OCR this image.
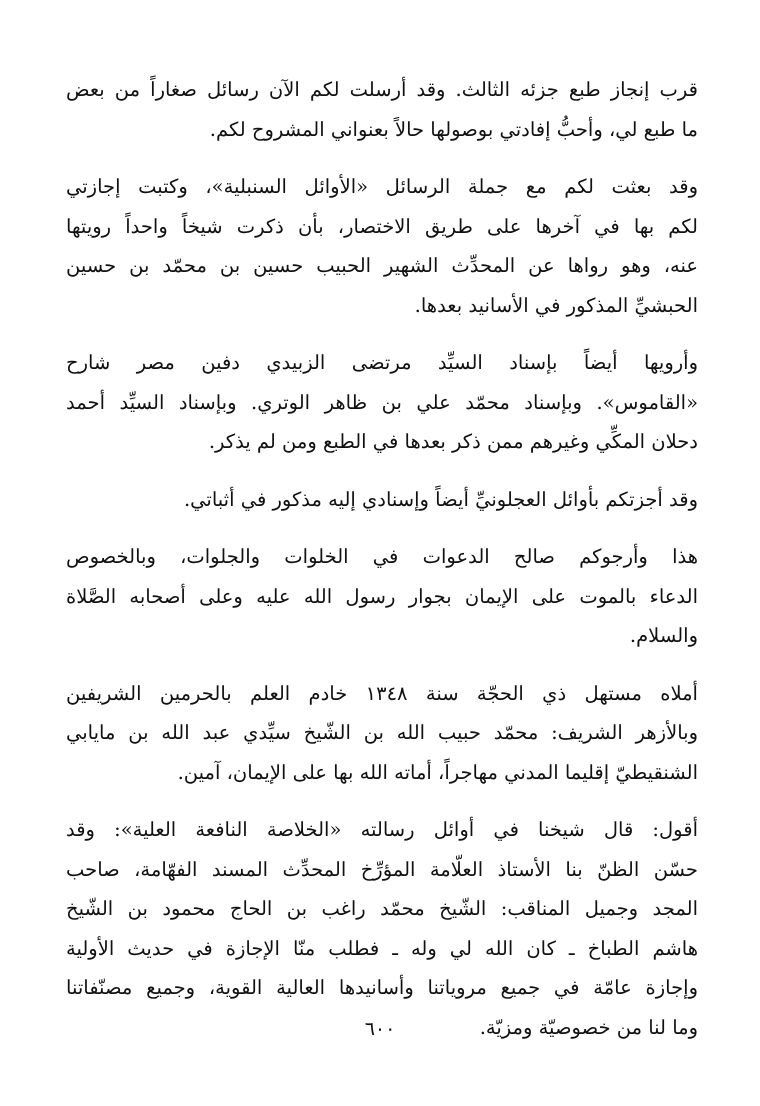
قرب إنجاز طبع جزئه الثالث. وقد أرسلت لكم الآن رسائل صغاراً من بعض
ما طبع لي، وأحبُّ إفادتي بوصولها حالاً بعنواني المشروح لكم.

وقد بعثت لكم مع جملة الرسائل «الأوائل السنبلية»، وكتبت إجازتي
لكم بها في آخرها على طريق الاختصار، بأن ذكرت شيخاً واحداً رويتها
عنه، وهو رواها عن المحدِّث الشهير الحبيب حسين بن محمّد بن حسين
الحبشيِّ المذكور في الأسانيد بعدها.

وأرويها أيضاً بإسناد السيِّد مرتضى الزبيدي دفين مصر شارح
«القاموس». وبإسناد محمّد علي بن ظاهر الوتري. وبإسناد السيِّد أحمد
دحلان المكِّي وغيرهم ممن ذكر بعدها في الطبع ومن لم يذكر.

وقد أجزتكم بأوائل العجلونيِّ أيضاً وإسنادي إليه مذكور في أثباتي.

هذا وأرجوكم صالح الدعوات في الخلوات والجلوات، وبالخصوص
الدعاء بالموت على الإيمان بجوار رسول الله عليه وعلى أصحابه الصَّلاة
والسلام.

أملاه مستهل ذي الحجّة سنة ١٣٤٨ خادم العلم بالحرمين الشريفين
وبالأزهر الشريف: محمّد حبيب الله بن الشّيخ سيِّدي عبد الله بن مايابي
الشنقيطيّ إقليما المدني مهاجراً، أماته الله بها على الإيمان، آمين.

أقول: قال شيخنا في أوائل رسالته «الخلاصة النافعة العلية»: وقد
حسّن الظنّ بنا الأستاذ العلّامة المؤرِّخ المحدِّث المسند الفهّامة، صاحب
المجد وجميل المناقب: الشّيخ محمّد راغب بن الحاج محمود بن الشّيخ
هاشم الطباخ ـ كان الله لي وله ـ فطلب منّا الإجازة في حديث الأولية
وإجازة عامّة في جميع مروياتنا وأسانيدها العالية القوية، وجميع مصنّفاتنا
وما لنا من خصوصيّة ومزيّة.

٦٠٠
